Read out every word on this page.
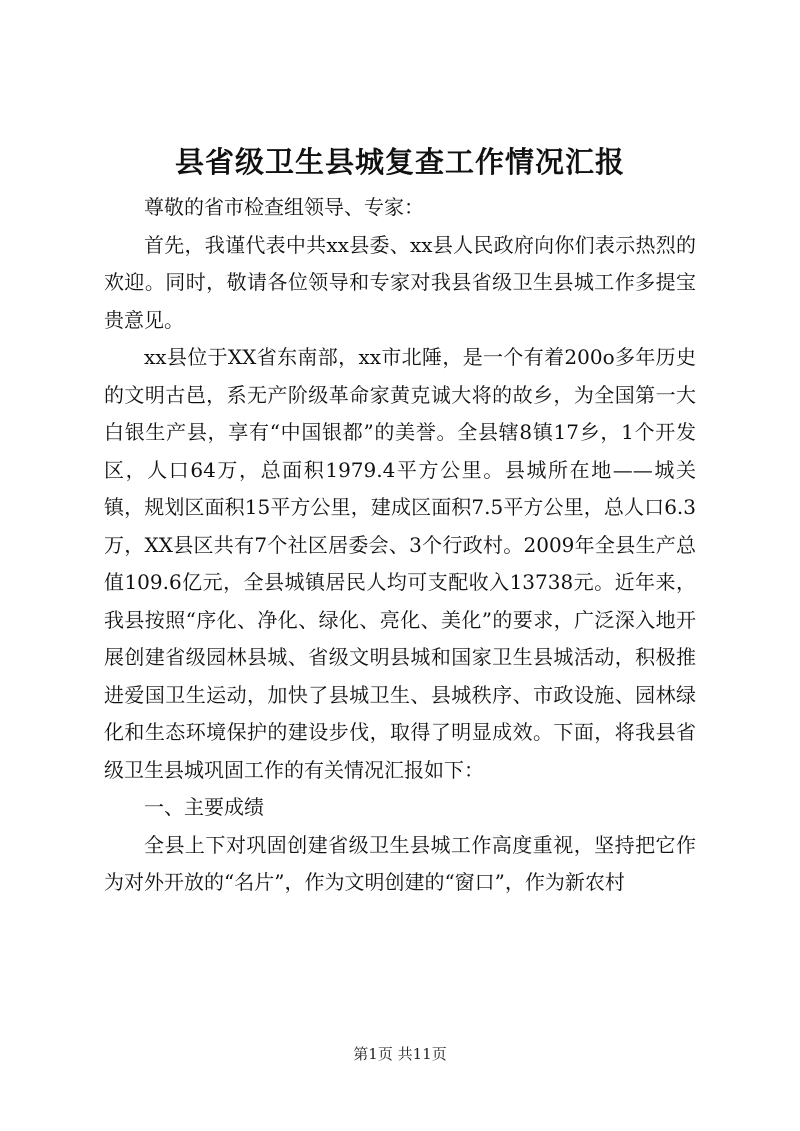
县省级卫生县城复查工作情况汇报

尊敬的省市检查组领导、专家：

首先，我谨代表中共xx县委、xx县人民政府向你们表示热烈的欢迎。同时，敬请各位领导和专家对我县省级卫生县城工作多提宝贵意见。

xx县位于XX省东南部，xx市北陲，是一个有着200o多年历史的文明古邑，系无产阶级革命家黄克诚大将的故乡，为全国第一大白银生产县，享有“中国银都”的美誉。全县辖8镇17乡，1个开发区，人口64万，总面积1979.4平方公里。县城所在地——城关镇，规划区面积15平方公里，建成区面积7.5平方公里，总人口6.3万，XX县区共有7个社区居委会、3个行政村。2009年全县生产总值109.6亿元，全县城镇居民人均可支配收入13738元。近年来，我县按照“序化、净化、绿化、亮化、美化”的要求，广泛深入地开展创建省级园林县城、省级文明县城和国家卫生县城活动，积极推进爱国卫生运动，加快了县城卫生、县城秩序、市政设施、园林绿化和生态环境保护的建设步伐，取得了明显成效。下面，将我县省级卫生县城巩固工作的有关情况汇报如下：

一、主要成绩

全县上下对巩固创建省级卫生县城工作高度重视，坚持把它作为对外开放的“名片”，作为文明创建的“窗口”，作为新农村

第1页 共11页
